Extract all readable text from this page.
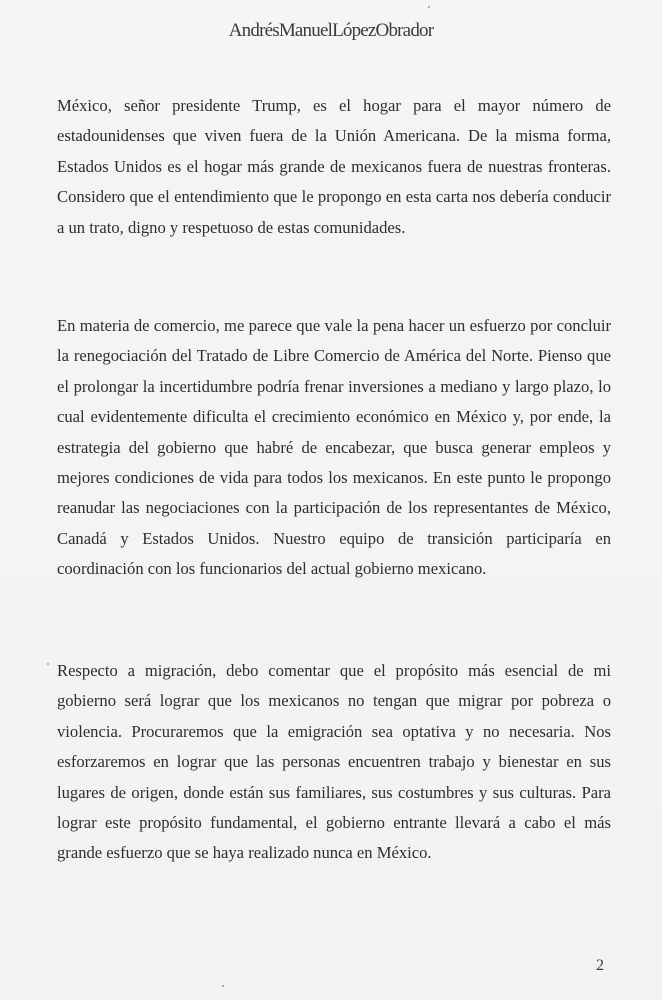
AndrésManuelLópezObrador

México, señor presidente Trump, es el hogar para el mayor número de estadounidenses que viven fuera de la Unión Americana. De la misma forma, Estados Unidos es el hogar más grande de mexicanos fuera de nuestras fronteras. Considero que el entendimiento que le propongo en esta carta nos debería conducir a un trato, digno y respetuoso de estas comunidades.

En materia de comercio, me parece que vale la pena hacer un esfuerzo por concluir la renegociación del Tratado de Libre Comercio de América del Norte. Pienso que el prolongar la incertidumbre podría frenar inversiones a mediano y largo plazo, lo cual evidentemente dificulta el crecimiento económico en México y, por ende, la estrategia del gobierno que habré de encabezar, que busca generar empleos y mejores condiciones de vida para todos los mexicanos. En este punto le propongo reanudar las negociaciones con la participación de los representantes de México, Canadá y Estados Unidos. Nuestro equipo de transición participaría en coordinación con los funcionarios del actual gobierno mexicano.

Respecto a migración, debo comentar que el propósito más esencial de mi gobierno será lograr que los mexicanos no tengan que migrar por pobreza o violencia. Procuraremos que la emigración sea optativa y no necesaria. Nos esforzaremos en lograr que las personas encuentren trabajo y bienestar en sus lugares de origen, donde están sus familiares, sus costumbres y sus culturas. Para lograr este propósito fundamental, el gobierno entrante llevará a cabo el más grande esfuerzo que se haya realizado nunca en México.

2
